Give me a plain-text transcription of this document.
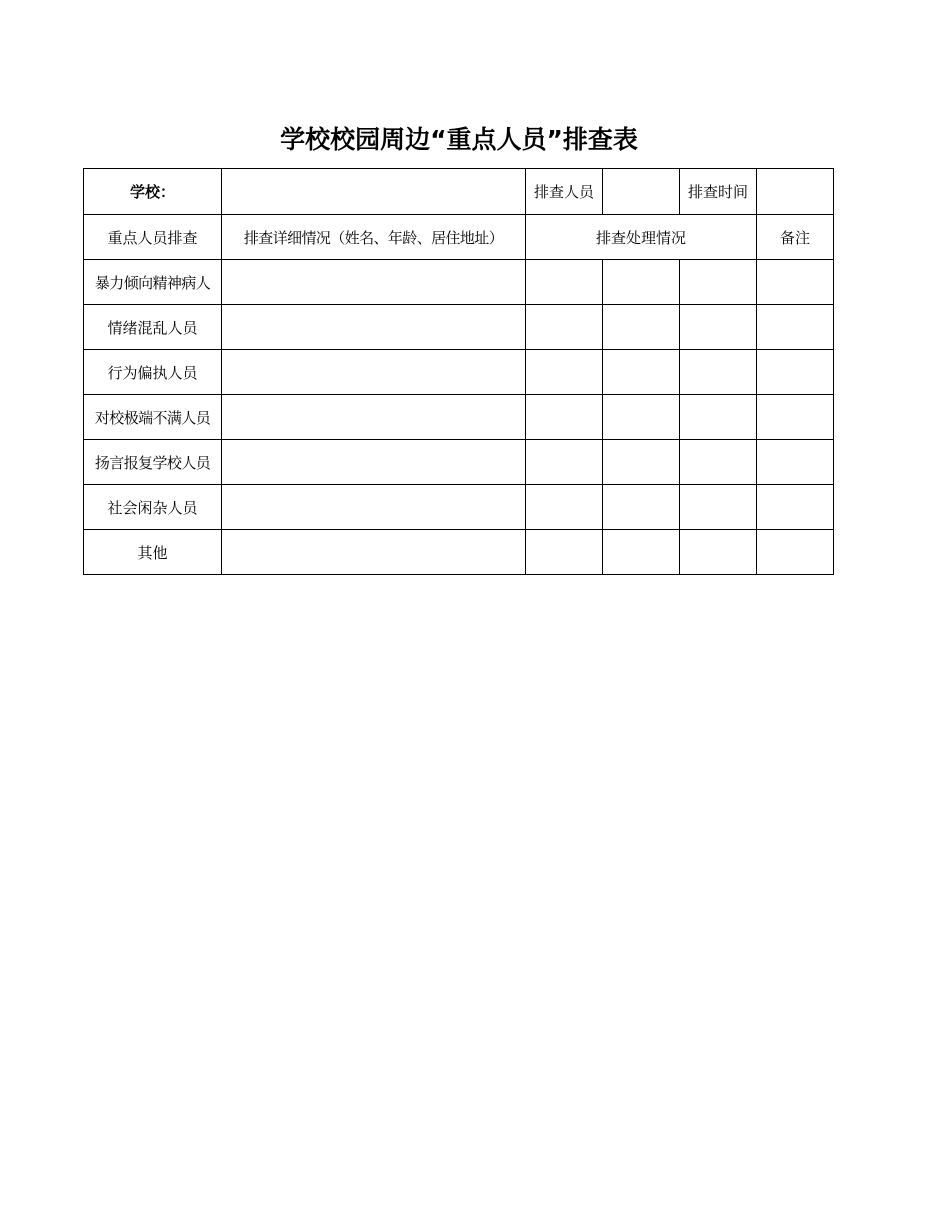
学校校园周边“重点人员”排查表
学校：		排查人员		排查时间	
重点人员排查	排查详细情况（姓名、年龄、居住地址）	排查处理情况			备注
暴力倾向精神病人					
情绪混乱人员					
行为偏执人员					
对校极端不满人员					
扬言报复学校人员					
社会闲杂人员					
其他					
